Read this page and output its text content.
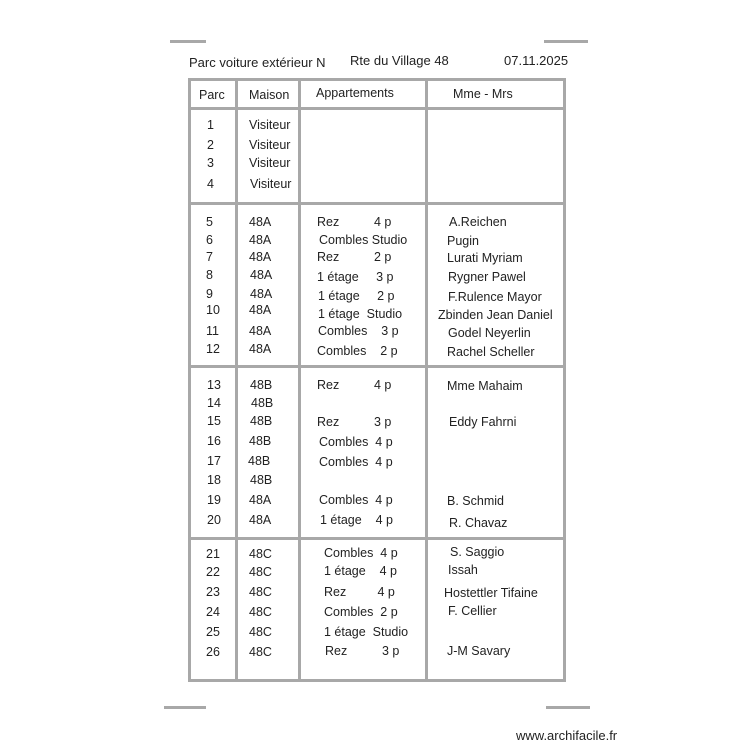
Parc voiture extérieur N Rte du Village 48	07.11.2025
Parc Maison Appartements	Mme - Mrs
1	Visiteur
2	Visiteur
3	Visiteur
4	Visiteur
5	48A	Rez          4 p	A.Reichen
6	48A	Combles Studio	Pugin
7	48A	Rez          2 p	Lurati Myriam
8	48A	1 étage     3 p	Rygner Pawel
9	48A	1 étage     2 p	F.Rulence Mayor
10 48A	1 étage  Studio	Zbinden Jean Daniel
11 48A	Combles    3 p	Godel Neyerlin
12 48A	Combles    2 p	Rachel Scheller
13 48B	Rez          4 p	Mme Mahaim
14 48B
15 48B	Rez          3 p	Eddy Fahrni
16 48B	Combles  4 p
17 48B	Combles  4 p
18 48B
19 48A	Combles  4 p	B. Schmid
20 48A	1 étage    4 p	R. Chavaz
21 48C	Combles  4 p	S. Saggio
22 48C	1 étage    4 p	Issah
23 48C	Rez         4 p	Hostettler Tifaine
24 48C	Combles  2 p	F. Cellier
25 48C	1 étage  Studio
26 48C	Rez          3 p	J-M Savary
www.archifacile.fr
